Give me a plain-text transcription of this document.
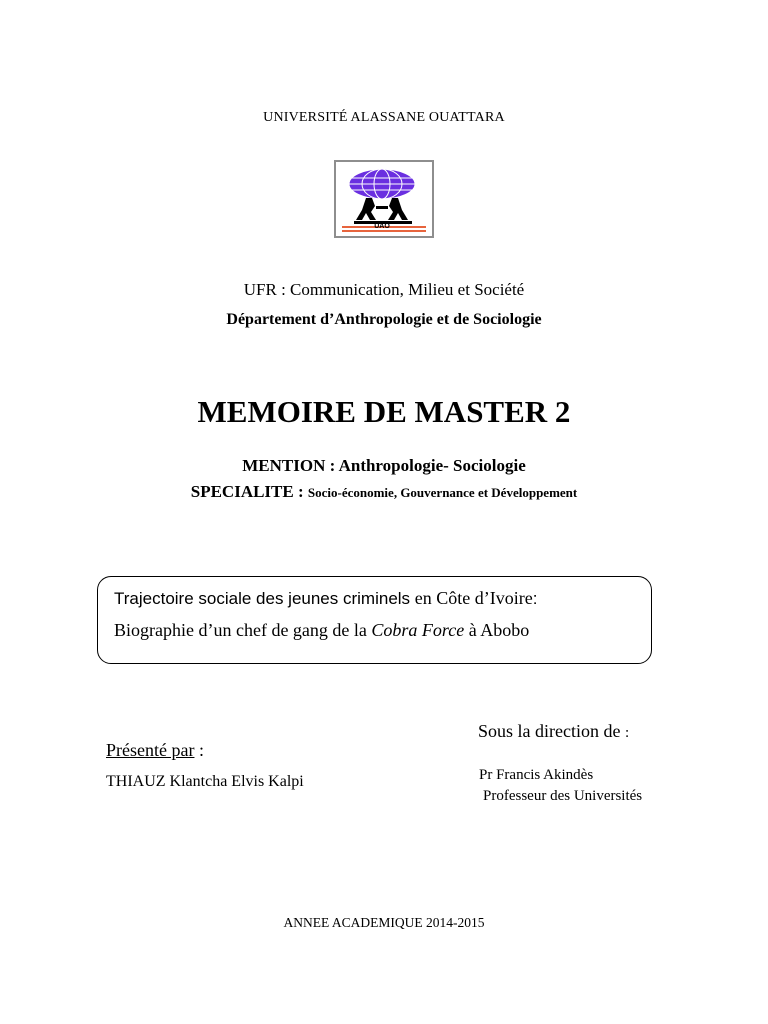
UNIVERSITÉ ALASSANE OUATTARA
UAO
UFR : Communication, Milieu et Société
Département d’Anthropologie et de Sociologie
MEMOIRE DE MASTER 2
MENTION : Anthropologie- Sociologie
SPECIALITE : Socio-économie, Gouvernance et Développement
Trajectoire sociale des jeunes criminels en Côte d’Ivoire:
Biographie d’un chef de gang de la Cobra Force à Abobo
Sous la direction de :
Présenté par :
THIAUZ Klantcha Elvis Kalpi	Pr Francis Akindès
Professeur des Universités
ANNEE ACADEMIQUE 2014-2015
